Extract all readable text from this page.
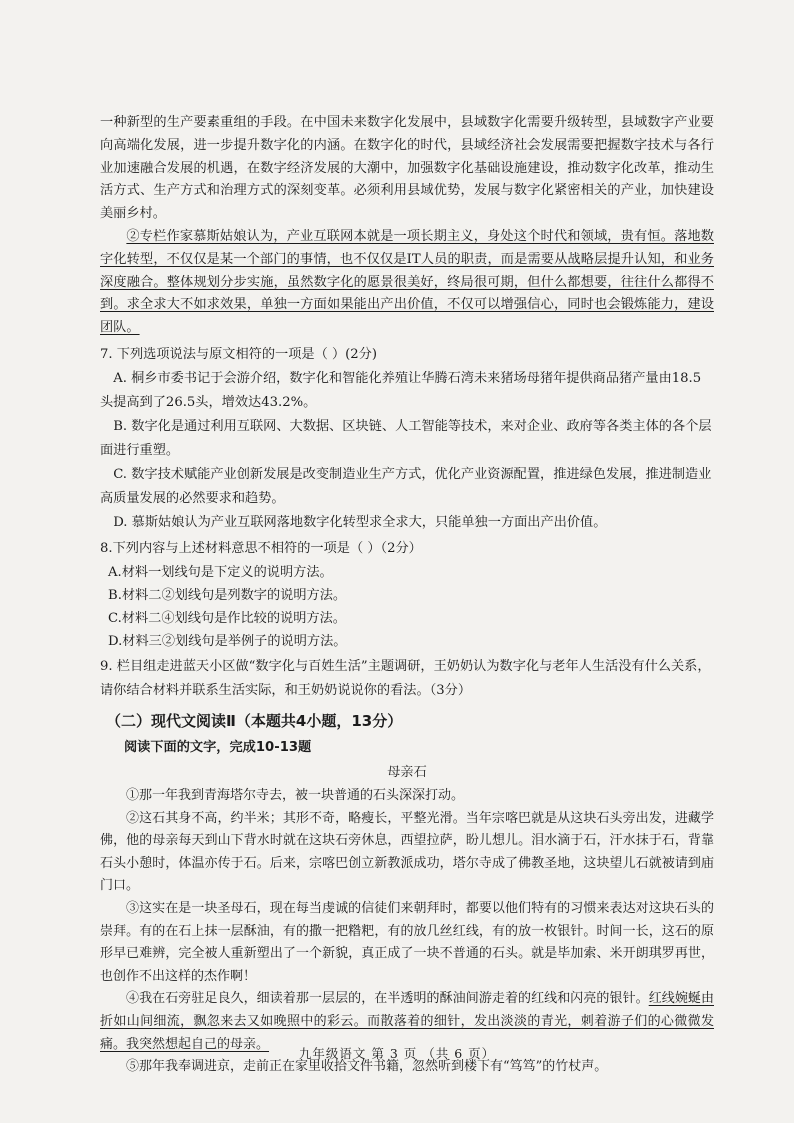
一种新型的生产要素重组的手段。在中国未来数字化发展中，县域数字化需要升级转型，县域数字产业要向高端化发展，进一步提升数字化的内涵。在数字化的时代，县域经济社会发展需要把握数字技术与各行业加速融合发展的机遇，在数字经济发展的大潮中，加强数字化基础设施建设，推动数字化改革，推动生活方式、生产方式和治理方式的深刻变革。必须利用县域优势，发展与数字化紧密相关的产业，加快建设美丽乡村。

②专栏作家慕斯姑娘认为，产业互联网本就是一项长期主义，身处这个时代和领域，贵有恒。落地数字化转型，不仅仅是某一个部门的事情，也不仅仅是IT人员的职责，而是需要从战略层提升认知，和业务深度融合。整体规划分步实施，虽然数字化的愿景很美好，终局很可期，但什么都想要，往往什么都得不到。求全求大不如求效果，单独一方面如果能出产出价值，不仅可以增强信心，同时也会锻炼能力，建设团队。

7. 下列选项说法与原文相符的一项是（ ）(2分)

A. 桐乡市委书记于会游介绍，数字化和智能化养殖让华腾石湾未来猪场母猪年提供商品猪产量由18.5头提高到了26.5头，增效达43.2%。

B. 数字化是通过利用互联网、大数据、区块链、人工智能等技术，来对企业、政府等各类主体的各个层面进行重塑。

C. 数字技术赋能产业创新发展是改变制造业生产方式，优化产业资源配置，推进绿色发展，推进制造业高质量发展的必然要求和趋势。

D. 慕斯姑娘认为产业互联网落地数字化转型求全求大，只能单独一方面出产出价值。

8.下列内容与上述材料意思不相符的一项是（ ）（2分）

A.材料一划线句是下定义的说明方法。

B.材料二②划线句是列数字的说明方法。

C.材料二④划线句是作比较的说明方法。

D.材料三②划线句是举例子的说明方法。

9. 栏目组走进蓝天小区做“数字化与百姓生活”主题调研，王奶奶认为数字化与老年人生活没有什么关系，请你结合材料并联系生活实际，和王奶奶说说你的看法。（3分）

（二）现代文阅读Ⅱ（本题共4小题，13分）
阅读下面的文字，完成10-13题

母亲石

①那一年我到青海塔尔寺去，被一块普通的石头深深打动。

②这石其身不高，约半米；其形不奇，略瘦长，平整光滑。当年宗喀巴就是从这块石头旁出发，进藏学佛，他的母亲每天到山下背水时就在这块石旁休息，西望拉萨，盼儿想儿。泪水滴于石，汗水抹于石，背靠石头小憩时，体温亦传于石。后来，宗喀巴创立新教派成功，塔尔寺成了佛教圣地，这块望儿石就被请到庙门口。

③这实在是一块圣母石，现在每当虔诚的信徒们来朝拜时，都要以他们特有的习惯来表达对这块石头的崇拜。有的在石上抹一层酥油，有的撒一把糌粑，有的放几丝红线，有的放一枚银针。时间一长，这石的原形早已难辨，完全被人重新塑出了一个新貌，真正成了一块不普通的石头。就是毕加索、米开朗琪罗再世，也创作不出这样的杰作啊！

④我在石旁驻足良久，细读着那一层层的，在半透明的酥油间游走着的红线和闪亮的银针。红线婉蜒由折如山间细流，飘忽来去又如晚照中的彩云。而散落着的细针，发出淡淡的青光，刺着游子们的心微微发痛。我突然想起自己的母亲。

⑤那年我奉调进京，走前正在家里收拾文件书籍，忽然听到楼下有“笃笃”的竹杖声。

九年级语文 第 3 页 （共 6 页）
